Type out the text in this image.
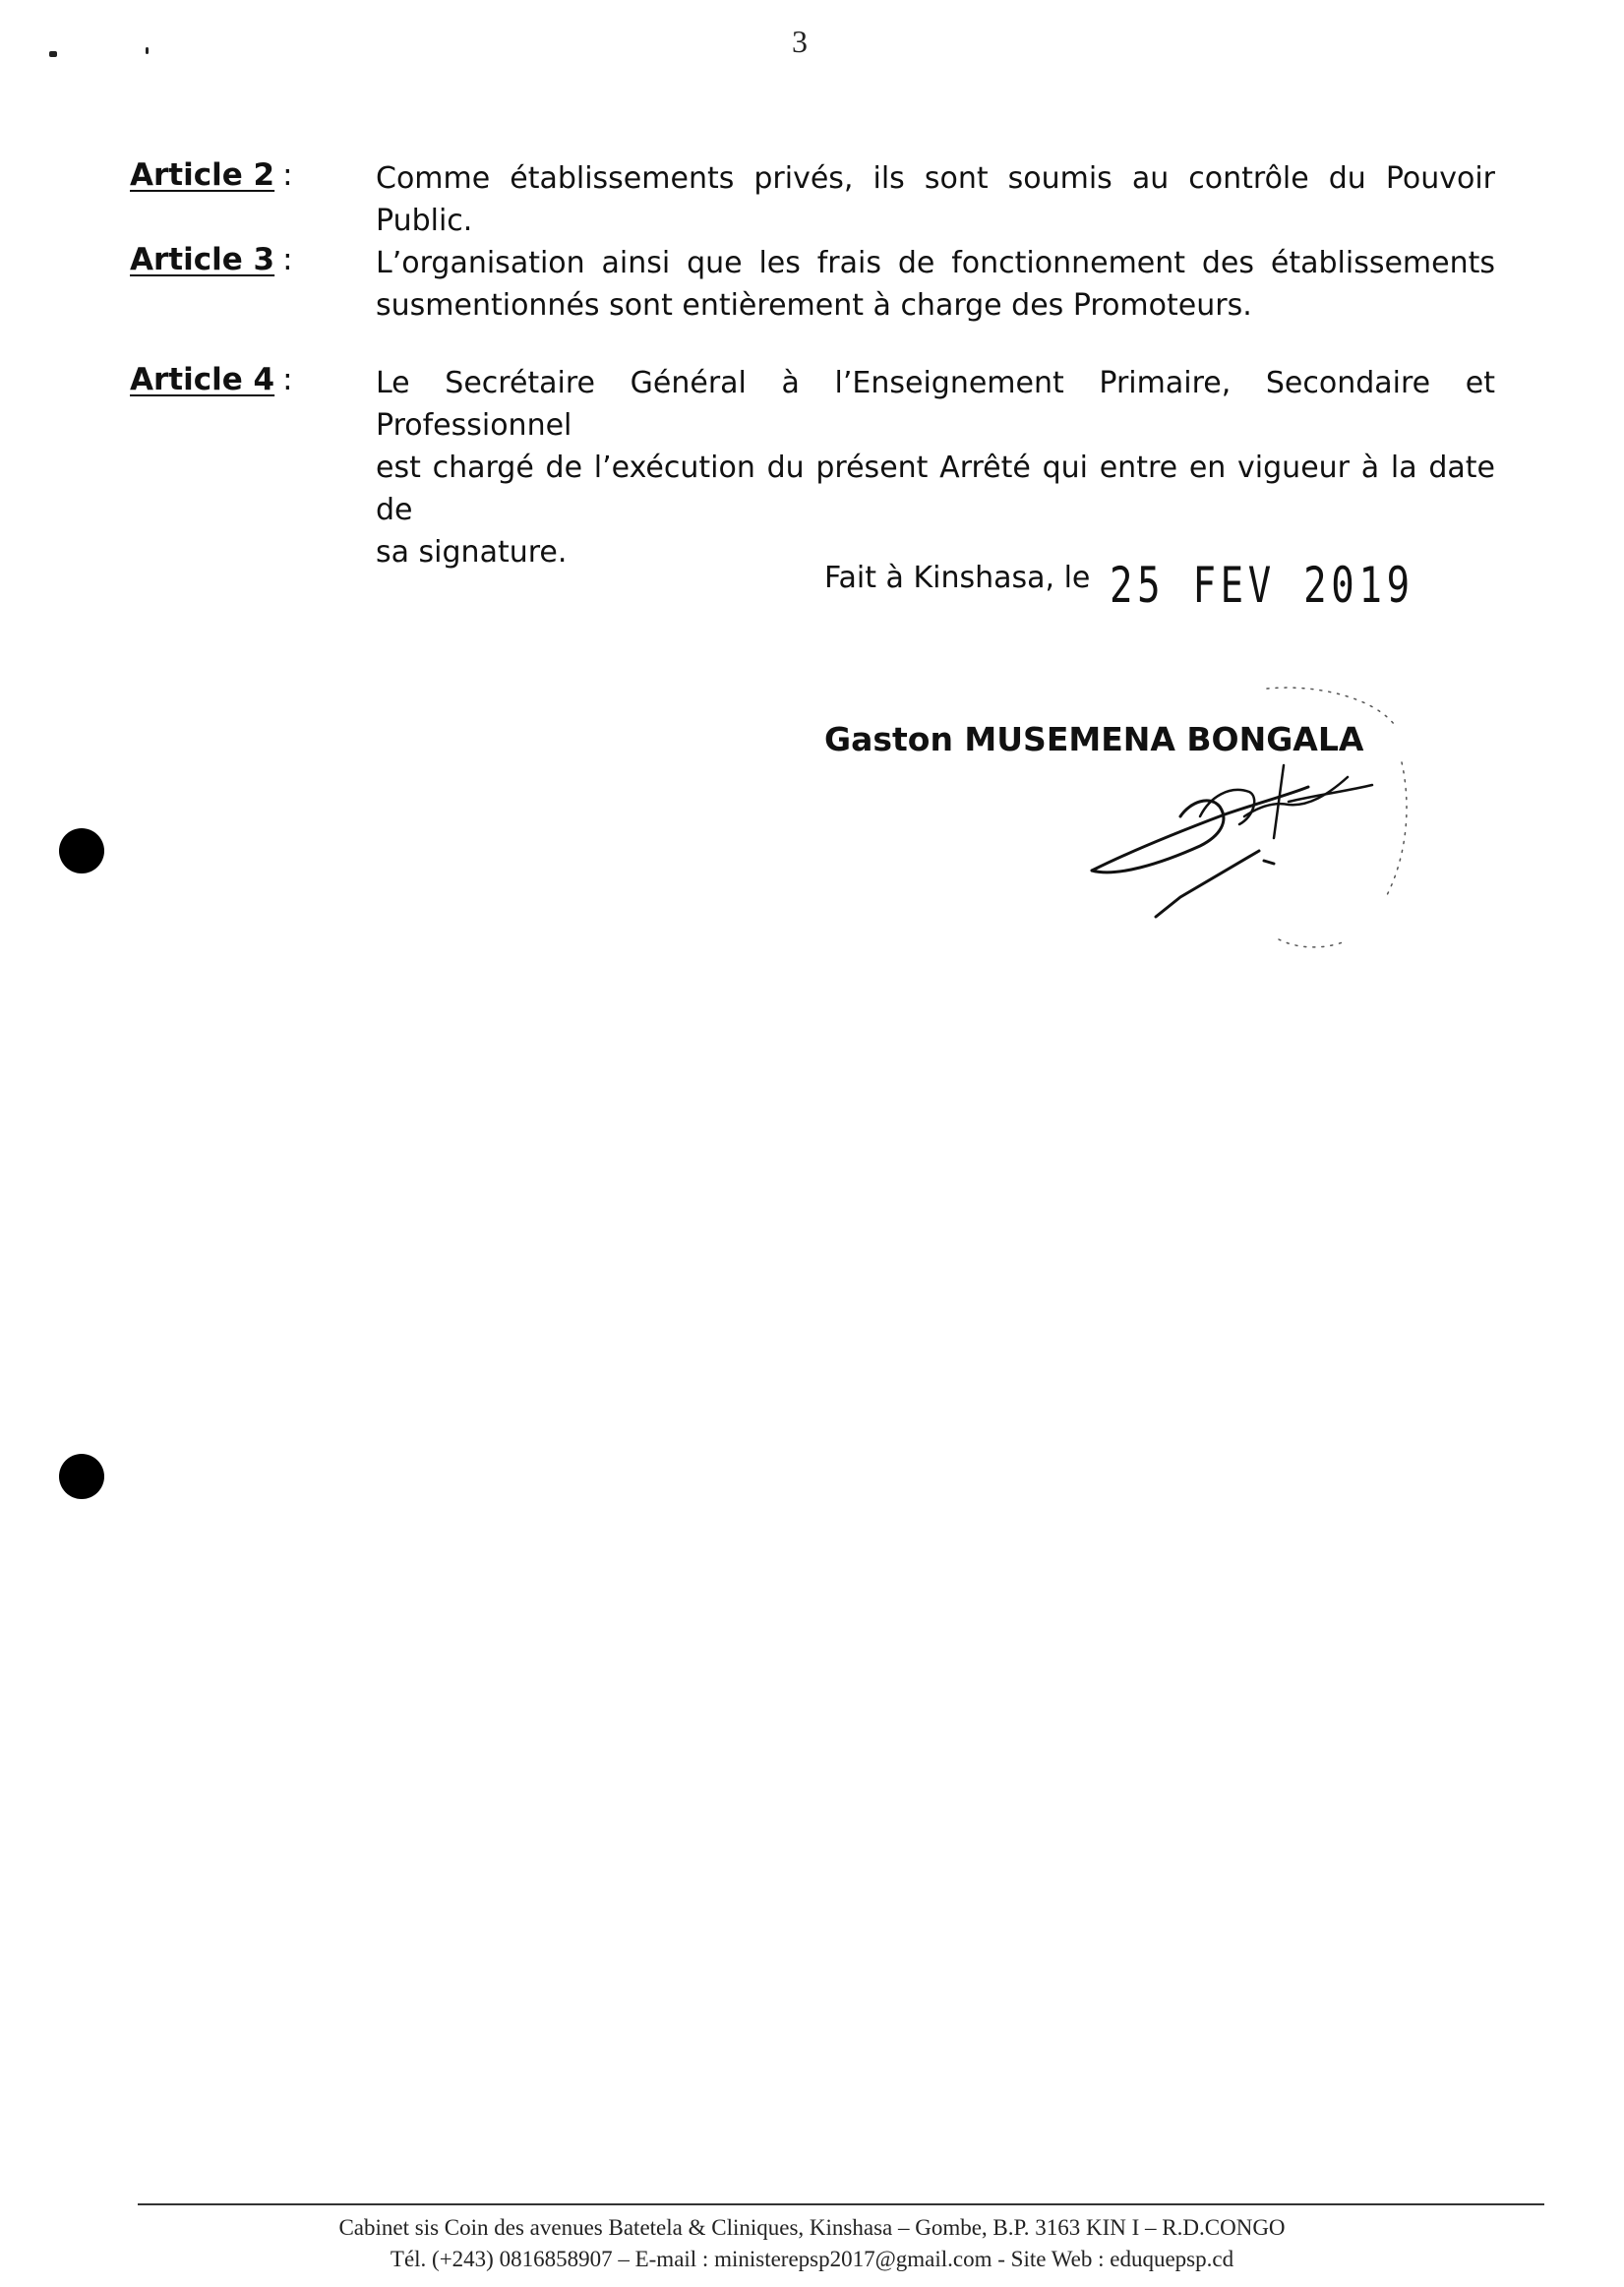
3
Article 2 :	Comme établissements privés, ils sont soumis au contrôle du Pouvoir Public.
Article 3 :	L’organisation ainsi que les frais de fonctionnement des établissements
susmentionnés sont entièrement à charge des Promoteurs.
Article 4 :	Le Secrétaire Général à l’Enseignement Primaire, Secondaire et Professionnel
est chargé de l’exécution du présent Arrêté qui entre en vigueur à la date de
sa signature.
Fait à Kinshasa, le 25 FEV 2019
Gaston MUSEMENA BONGALA
Cabinet sis Coin des avenues Batetela & Cliniques, Kinshasa – Gombe, B.P. 3163 KIN I – R.D.CONGO
Tél. (+243) 0816858907 – E-mail : ministerepsp2017@gmail.com - Site Web : eduquepsp.cd
